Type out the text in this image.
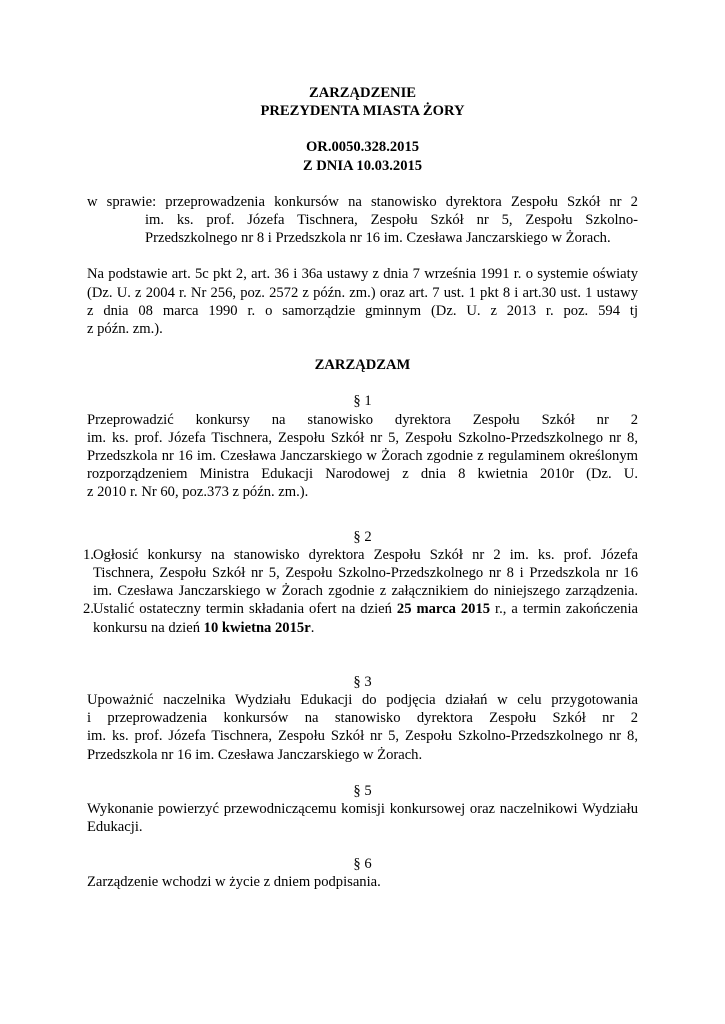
ZARZĄDZENIE
PREZYDENTA MIASTA ŻORY
OR.0050.328.2015
Z DNIA 10.03.2015
w sprawie: przeprowadzenia konkursów na stanowisko dyrektora Zespołu Szkół nr 2
im. ks. prof. Józefa Tischnera, Zespołu Szkół nr 5, Zespołu Szkolno-
Przedszkolnego nr 8 i Przedszkola nr 16 im. Czesława Janczarskiego w Żorach.
Na podstawie art. 5c pkt 2, art. 36 i 36a ustawy z dnia 7 września 1991 r. o systemie oświaty
(Dz. U. z 2004 r. Nr 256, poz. 2572 z późn. zm.) oraz art. 7 ust. 1 pkt 8 i art.30 ust. 1 ustawy
z dnia 08 marca 1990 r. o samorządzie gminnym (Dz. U. z 2013 r. poz. 594 tj
z późn. zm.).
ZARZĄDZAM
§ 1
Przeprowadzić konkursy na stanowisko dyrektora Zespołu Szkół nr 2
im. ks. prof. Józefa Tischnera, Zespołu Szkół nr 5, Zespołu Szkolno-Przedszkolnego nr 8,
Przedszkola nr 16 im. Czesława Janczarskiego w Żorach zgodnie z regulaminem określonym
rozporządzeniem Ministra Edukacji Narodowej z dnia 8 kwietnia 2010r (Dz. U.
z 2010 r. Nr 60, poz.373 z późn. zm.).
§ 2
1. Ogłosić konkursy na stanowisko dyrektora Zespołu Szkół nr 2 im. ks. prof. Józefa
Tischnera, Zespołu Szkół nr 5, Zespołu Szkolno-Przedszkolnego nr 8 i Przedszkola nr 16
im. Czesława Janczarskiego w Żorach zgodnie z załącznikiem do niniejszego zarządzenia.
2. Ustalić ostateczny termin składania ofert na dzień 25 marca 2015 r., a termin zakończenia
konkursu na dzień 10 kwietna 2015r.
§ 3
Upoważnić naczelnika Wydziału Edukacji do podjęcia działań w celu przygotowania
i przeprowadzenia konkursów na stanowisko dyrektora Zespołu Szkół nr 2
im. ks. prof. Józefa Tischnera, Zespołu Szkół nr 5, Zespołu Szkolno-Przedszkolnego nr 8,
Przedszkola nr 16 im. Czesława Janczarskiego w Żorach.
§ 5
Wykonanie powierzyć przewodniczącemu komisji konkursowej oraz naczelnikowi Wydziału
Edukacji.
§ 6
Zarządzenie wchodzi w życie z dniem podpisania.
